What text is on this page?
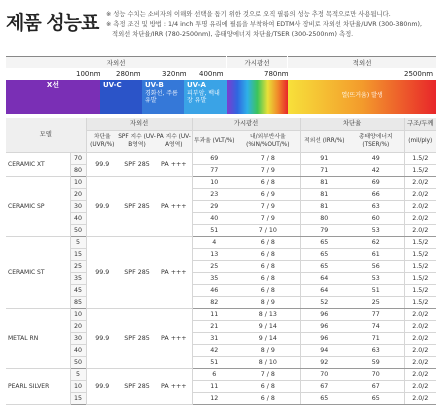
제품 성능표 ※ 성능 수치는 소비자의 이해와 선택을 돕기 위한 것으로 오직 필름의 성능 추정 목적으로만 사용됩니다.
※ 측정 조건 및 방법 : 1/4 inch 투명 유리에 필름을 부착하여 EDTM사 장비로 자외선 차단율/UVR (300-380nm),
적외선 차단율/IRR (780-2500nm), 총태양에너지 차단율/TSER (300-2500nm) 측정.
자외선	가시광선	적외선
100nm 280nm	320nm 400nm	780nm	2500nm
X선	UV-C	UV-B
경화선, 주름 유발
UV-A
피부암, 백내장 유발
열(뜨거움) 발생
모델		자외선			가시광선		차단율		구조/두께
		차단율 (UVR/%)	SPF 지수 (UV-B영역)	PA 지수 (UV-A영역)	투과율 (VLT/%)	내/외부반사율 (%IN/%OUT/%)	적외선 (IRR/%)	총태양에너지 (TSER/%)	(mil/ply)
CERAMIC XT	70	99.9	SPF 285	PA +++	69	7 / 8	91	49	1.5/2
	80				77	7 / 9	71	42	1.5/2
CERAMIC SP	10	99.9	SPF 285	PA +++	10	6 / 8	81	69	2.0/2
	20				23	6 / 9	81	66	2.0/2
	30				29	7 / 9	81	63	2.0/2
	40				40	7 / 9	80	60	2.0/2
	50				51	7 / 10	79	53	2.0/2
CERAMIC ST	5	99.9	SPF 285	PA +++	4	6 / 8	65	62	1.5/2
	15				13	6 / 8	65	61	1.5/2
	25				25	6 / 8	65	56	1.5/2
	35				35	6 / 8	64	53	1.5/2
	45				46	6 / 8	64	51	1.5/2
	85				82	8 / 9	52	25	1.5/2
METAL RN	10	99.9	SPF 285	PA +++	11	8 / 13	96	77	2.0/2
	20				21	9 / 14	96	74	2.0/2
	30				31	9 / 14	96	71	2.0/2
	40				42	8 / 9	94	63	2.0/2
	50				51	8 / 10	92	59	2.0/2
PEARL SILVER	5	99.9	SPF 285	PA +++	6	7 / 8	70	70	2.0/2
	10				11	6 / 8	67	67	2.0/2
	15				12	6 / 8	65	65	2.0/2
